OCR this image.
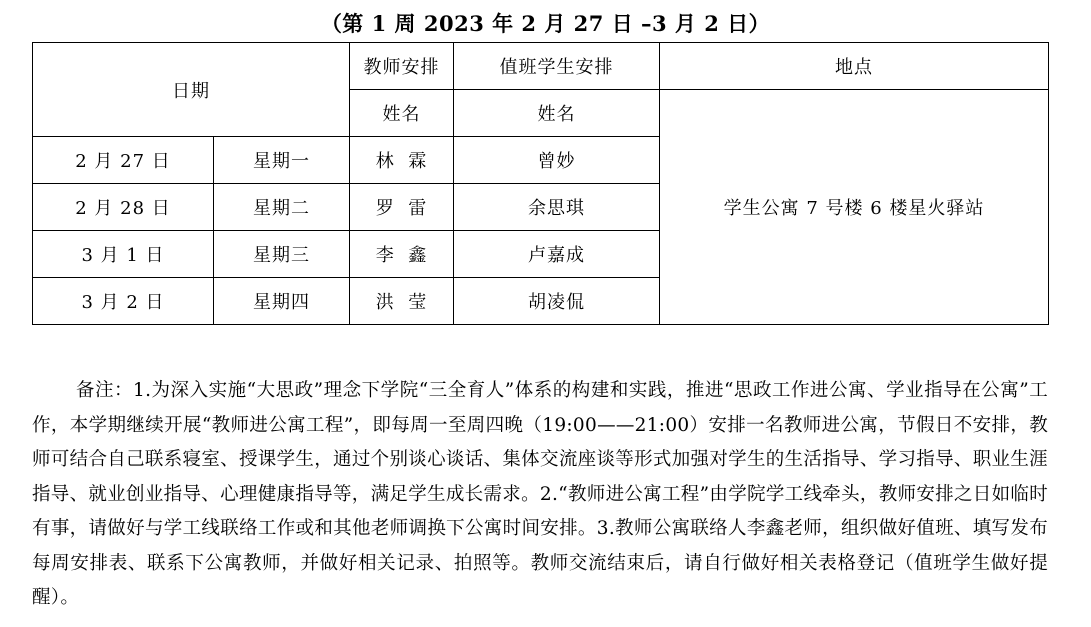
（第 1 周 2023 年 2 月 27 日 –3 月 2 日）
日期		教师安排	值班学生安排	地点
		姓名	姓名	学生公寓 7 号楼 6 楼星火驿站
2 月 27 日	星期一	林  霖	曾妙	
2 月 28 日	星期二	罗  雷	余思琪	
3 月 1 日	星期三	李  鑫	卢嘉成	
3 月 2 日	星期四	洪  莹	胡凌侃	
备注：1.为深入实施“大思政”理念下学院“三全育人”体系的构建和实践，推进“思政工作进公寓、学业指导在公寓”工作，本学期继续开展“教师进公寓工程”，即每周一至周四晚（19:00——21:00）安排一名教师进公寓，节假日不安排，教师可结合自己联系寝室、授课学生，通过个别谈心谈话、集体交流座谈等形式加强对学生的生活指导、学习指导、职业生涯指导、就业创业指导、心理健康指导等，满足学生成长需求。2.“教师进公寓工程”由学院学工线牵头，教师安排之日如临时有事，请做好与学工线联络工作或和其他老师调换下公寓时间安排。3.教师公寓联络人李鑫老师，组织做好值班、填写发布每周安排表、联系下公寓教师，并做好相关记录、拍照等。教师交流结束后，请自行做好相关表格登记（值班学生做好提醒）。
